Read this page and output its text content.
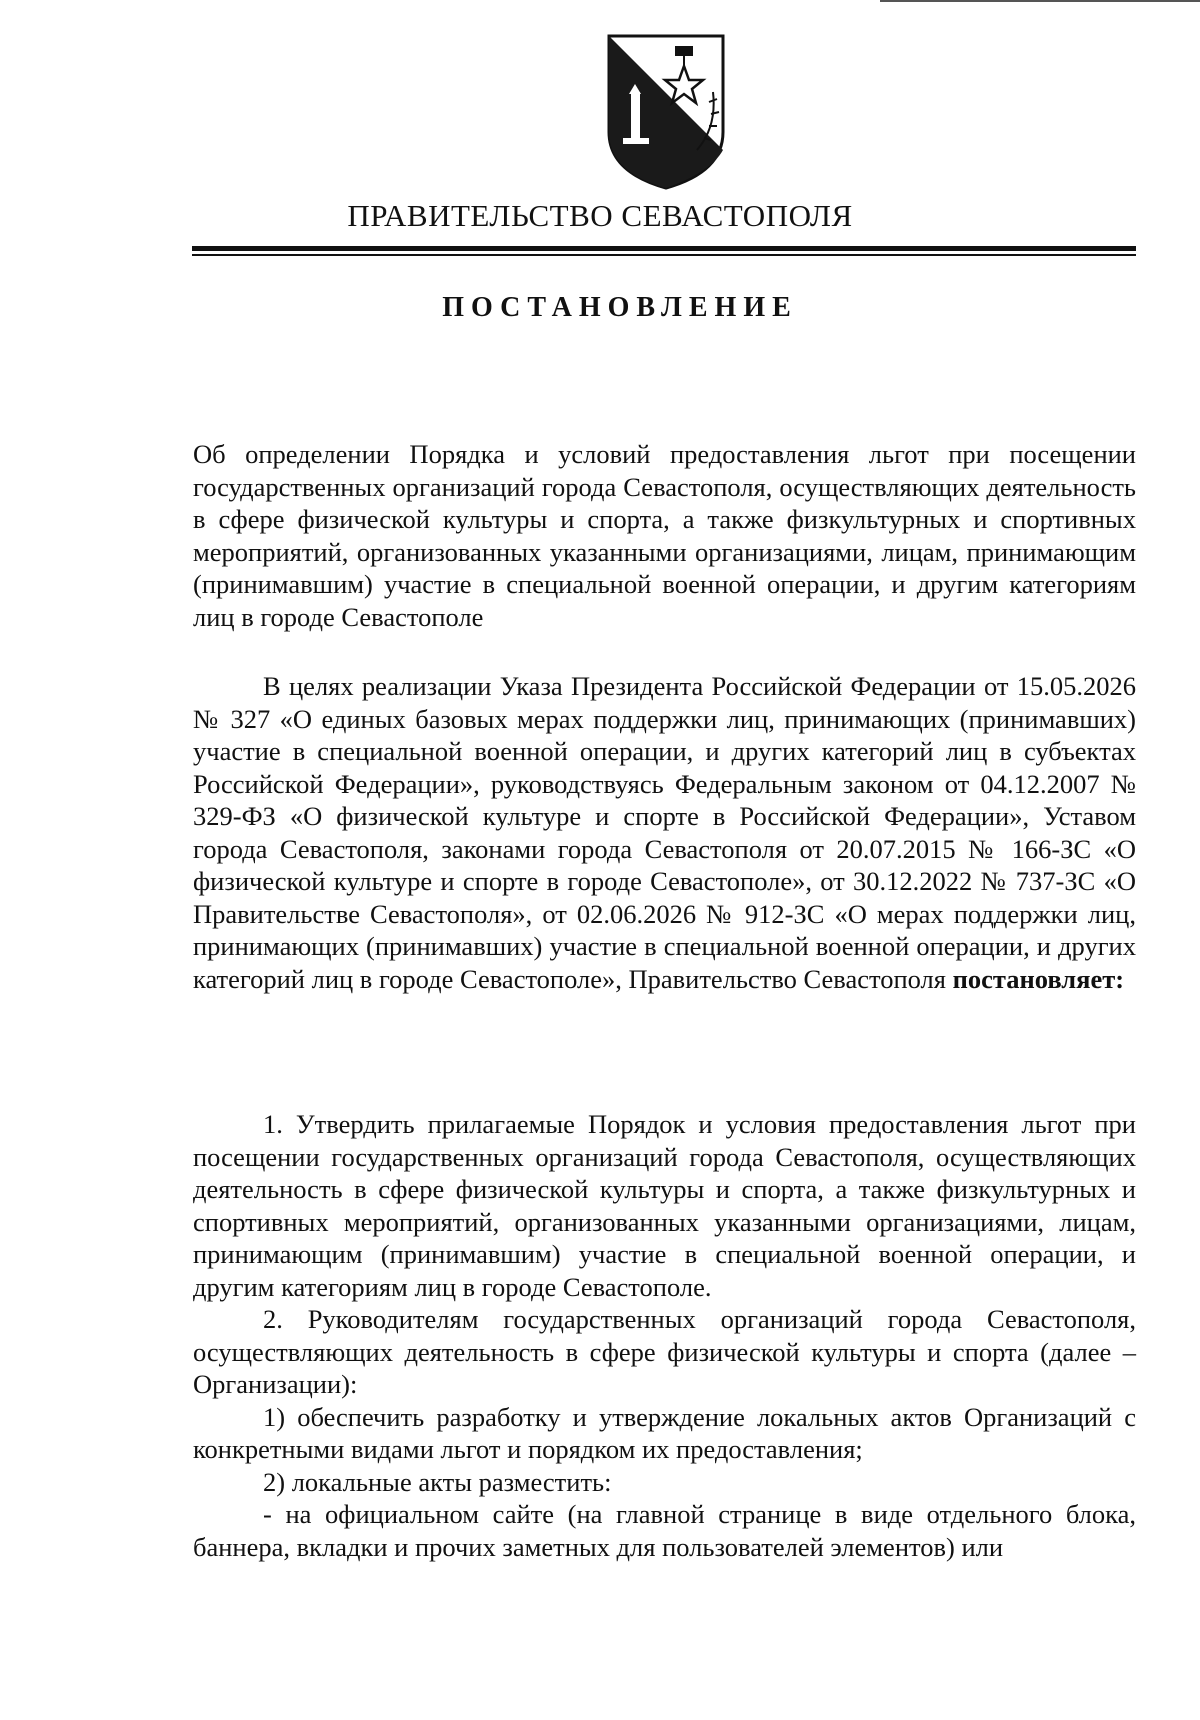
ПРАВИТЕЛЬСТВО СЕВАСТОПОЛЯ
ПОСТАНОВЛЕНИЕ
Об определении Порядка и условий предоставления льгот при посещении государственных организаций города Севастополя, осуществляющих деятельность в сфере физической культуры и спорта, а также физкультурных и спортивных мероприятий, организованных указанными организациями, лицам, принимающим (принимавшим) участие в специальной военной операции, и другим категориям лиц в городе Севастополе
В целях реализации Указа Президента Российской Федерации от 15.05.2026 № 327 «О единых базовых мерах поддержки лиц, принимающих (принимавших) участие в специальной военной операции, и других категорий лиц в субъектах Российской Федерации», руководствуясь Федеральным законом от 04.12.2007 № 329-ФЗ «О физической культуре и спорте в Российской Федерации», Уставом города Севастополя, законами города Севастополя от 20.07.2015 № 166-ЗС «О физической культуре и спорте в городе Севастополе», от 30.12.2022 № 737-ЗС «О Правительстве Севастополя», от 02.06.2026 № 912-ЗС «О мерах поддержки лиц, принимающих (принимавших) участие в специальной военной операции, и других категорий лиц в городе Севастополе», Правительство Севастополя постановляет:

1. Утвердить прилагаемые Порядок и условия предоставления льгот при посещении государственных организаций города Севастополя, осуществляющих деятельность в сфере физической культуры и спорта, а также физкультурных и спортивных мероприятий, организованных указанными организациями, лицам, принимающим (принимавшим) участие в специальной военной операции, и другим категориям лиц в городе Севастополе.

2. Руководителям государственных организаций города Севастополя, осуществляющих деятельность в сфере физической культуры и спорта (далее – Организации):

1) обеспечить разработку и утверждение локальных актов Организаций с конкретными видами льгот и порядком их предоставления;

2) локальные акты разместить:

- на официальном сайте (на главной странице в виде отдельного блока, баннера, вкладки и прочих заметных для пользователей элементов) или
